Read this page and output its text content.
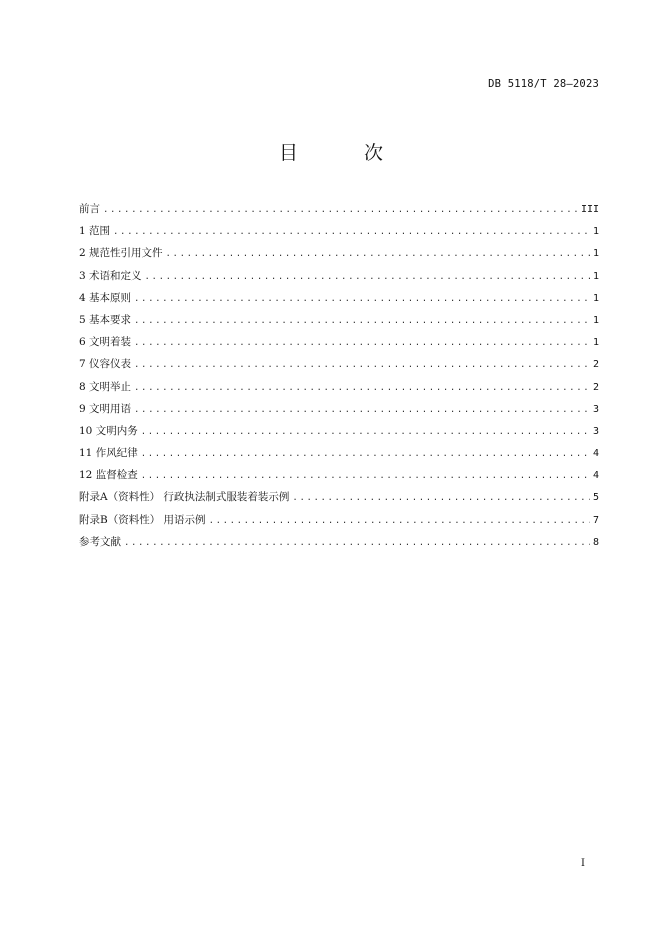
DB 5118/T 28—2023
目 次
前言 .....	III
1 范围 .....	1
2 规范性引用文件 .....	1
3 术语和定义 .....	1
4 基本原则 .....	1
5 基本要求 .....	1
6 文明着装 .....	1
7 仪容仪表 .....	2
8 文明举止 .....	2
9 文明用语 .....	3
10 文明内务 .....	3
11 作风纪律 .....	4
12 监督检查 .....	4
附录A（资料性） 行政执法制式服装着装示例 .....	5
附录B（资料性） 用语示例 .....	7
参考文献 .....	8
I
